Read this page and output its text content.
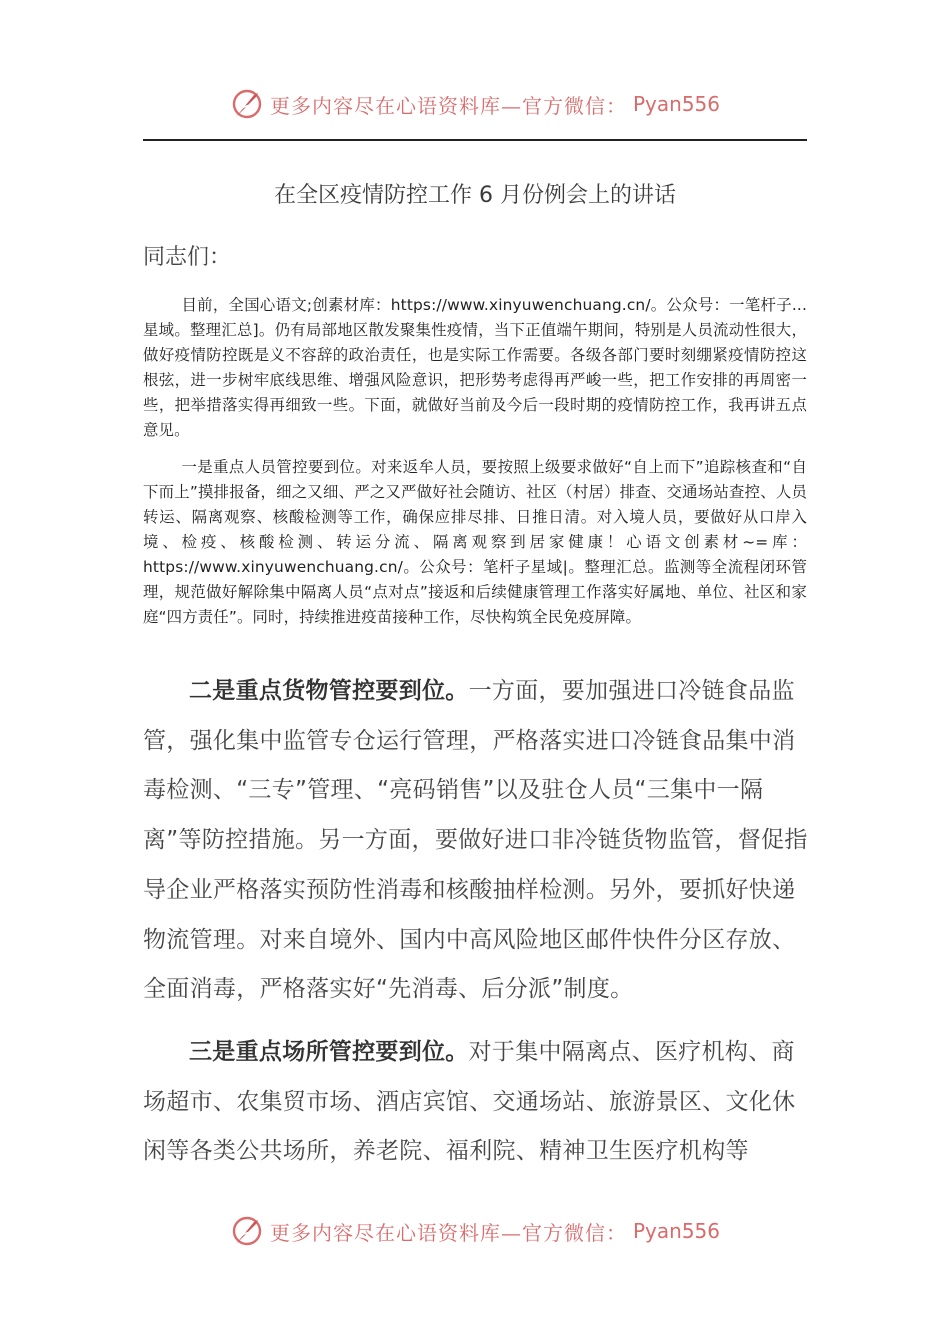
更多内容尽在心语资料库—官方微信： Pyan556
在全区疫情防控工作 6 月份例会上的讲话
同志们：

目前，全国心语文;创素材库：https://www.xinyuwenchuang.cn/。公众号：一笔杆子...星域。整理汇总]。仍有局部地区散发聚集性疫情，当下正值端午期间，特别是人员流动性很大，做好疫情防控既是义不容辞的政治责任，也是实际工作需要。各级各部门要时刻绷紧疫情防控这根弦，进一步树牢底线思维、增强风险意识，把形势考虑得再严峻一些，把工作安排的再周密一些，把举措落实得再细致一些。下面，就做好当前及今后一段时期的疫情防控工作，我再讲五点意见。

一是重点人员管控要到位。对来返牟人员，要按照上级要求做好“自上而下”追踪核查和“自下而上”摸排报备，细之又细、严之又严做好社会随访、社区（村居）排查、交通场站查控、人员转运、隔离观察、核酸检测等工作，确保应排尽排、日推日清。对入境人员，要做好从口岸入境、检疫、核酸检测、转运分流、隔离观察到居家健康！心语文创素材~=库：https://www.xinyuwenchuang.cn/。公众号：笔杆子星域|。整理汇总。监测等全流程闭环管理，规范做好解除集中隔离人员“点对点”接返和后续健康管理工作落实好属地、单位、社区和家庭“四方责任”。同时，持续推进疫苗接种工作，尽快构筑全民免疫屏障。

二是重点货物管控要到位。一方面，要加强进口冷链食品监管，强化集中监管专仓运行管理，严格落实进口冷链食品集中消毒检测、“三专”管理、“亮码销售”以及驻仓人员“三集中一隔离”等防控措施。另一方面，要做好进口非冷链货物监管，督促指导企业严格落实预防性消毒和核酸抽样检测。另外，要抓好快递物流管理。对来自境外、国内中高风险地区邮件快件分区存放、全面消毒，严格落实好“先消毒、后分派”制度。

三是重点场所管控要到位。对于集中隔离点、医疗机构、商场超市、农集贸市场、酒店宾馆、交通场站、旅游景区、文化休闲等各类公共场所，养老院、福利院、精神卫生医疗机构等

更多内容尽在心语资料库—官方微信： Pyan556
